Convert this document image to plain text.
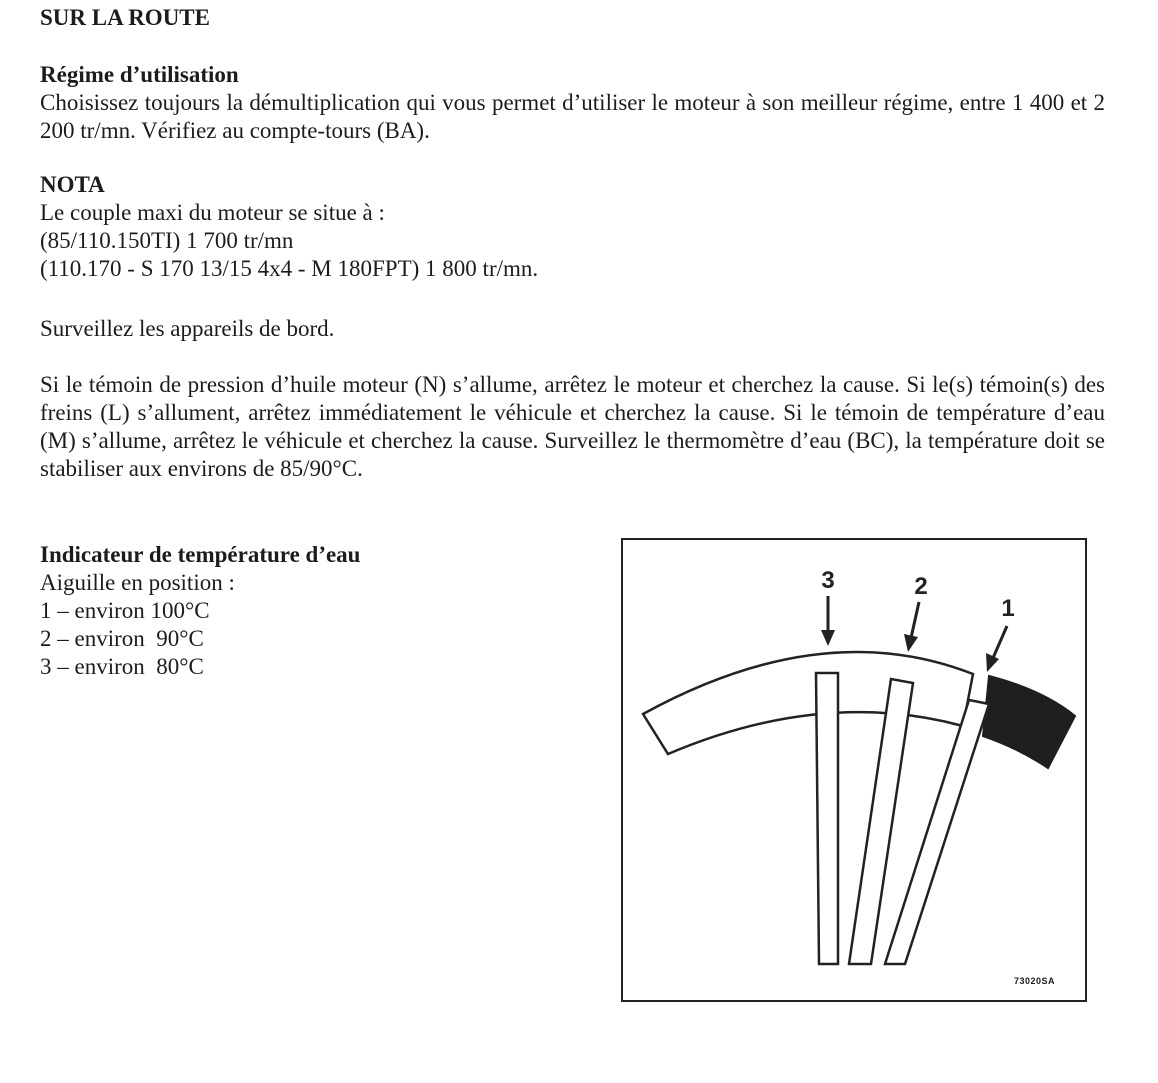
SUR LA ROUTE

Régime d’utilisation

Choisissez toujours la démultiplication qui vous permet d’utiliser le moteur à son meilleur régime, entre 1 400 et 2 200 tr/mn. Vérifiez au compte-tours (BA).

NOTA

Le couple maxi du moteur se situe à :
(85/110.150TI) 1 700 tr/mn
(110.170 - S 170 13/15 4x4 - M 180FPT) 1 800 tr/mn.

Surveillez les appareils de bord.

Si le témoin de pression d’huile moteur (N) s’allume, arrêtez le moteur et cherchez la cause. Si le(s) témoin(s) des freins (L) s’allument, arrêtez immédiatement le véhicule et cherchez la cause. Si le témoin de température d’eau (M) s’allume, arrêtez le véhicule et cherchez la cause. Surveillez le thermomètre d’eau (BC), la température doit se stabiliser aux environs de 85/90°C.

Indicateur de température d’eau

Aiguille en position :
1 – environ 100°C
2 – environ  90°C
3 – environ  80°C

3	2
1
73020SA
